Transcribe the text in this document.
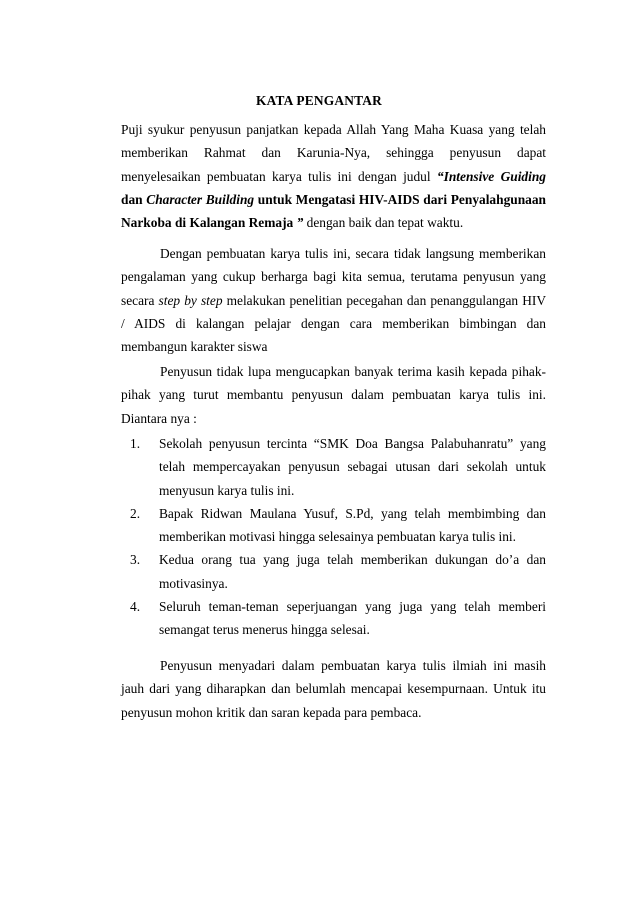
KATA PENGANTAR

Puji syukur penyusun panjatkan kepada Allah Yang Maha Kuasa yang telah memberikan Rahmat dan Karunia-Nya, sehingga penyusun dapat menyelesaikan pembuatan karya tulis ini dengan judul “Intensive Guiding dan Character Building untuk Mengatasi HIV-AIDS dari Penyalahgunaan Narkoba di Kalangan Remaja ” dengan baik dan tepat waktu.

Dengan pembuatan karya tulis ini, secara tidak langsung memberikan pengalaman yang cukup berharga bagi kita semua, terutama penyusun yang secara step by step melakukan penelitian pecegahan dan penanggulangan HIV / AIDS di kalangan pelajar dengan cara memberikan bimbingan dan membangun karakter siswa

Penyusun tidak lupa mengucapkan banyak terima kasih kepada pihak-pihak yang turut membantu penyusun dalam pembuatan karya tulis ini. Diantara nya :

1. Sekolah penyusun tercinta “SMK Doa Bangsa Palabuhanratu” yang telah mempercayakan penyusun sebagai utusan dari sekolah untuk menyusun karya tulis ini.
2. Bapak Ridwan Maulana Yusuf, S.Pd, yang telah membimbing dan memberikan motivasi hingga selesainya pembuatan karya tulis ini.
3. Kedua orang tua yang juga telah memberikan dukungan do’a dan motivasinya.
4. Seluruh teman-teman seperjuangan yang juga yang telah memberi semangat terus menerus hingga selesai.

Penyusun menyadari dalam pembuatan karya tulis ilmiah ini masih jauh dari yang diharapkan dan belumlah mencapai kesempurnaan. Untuk itu penyusun mohon kritik dan saran kepada para pembaca.
